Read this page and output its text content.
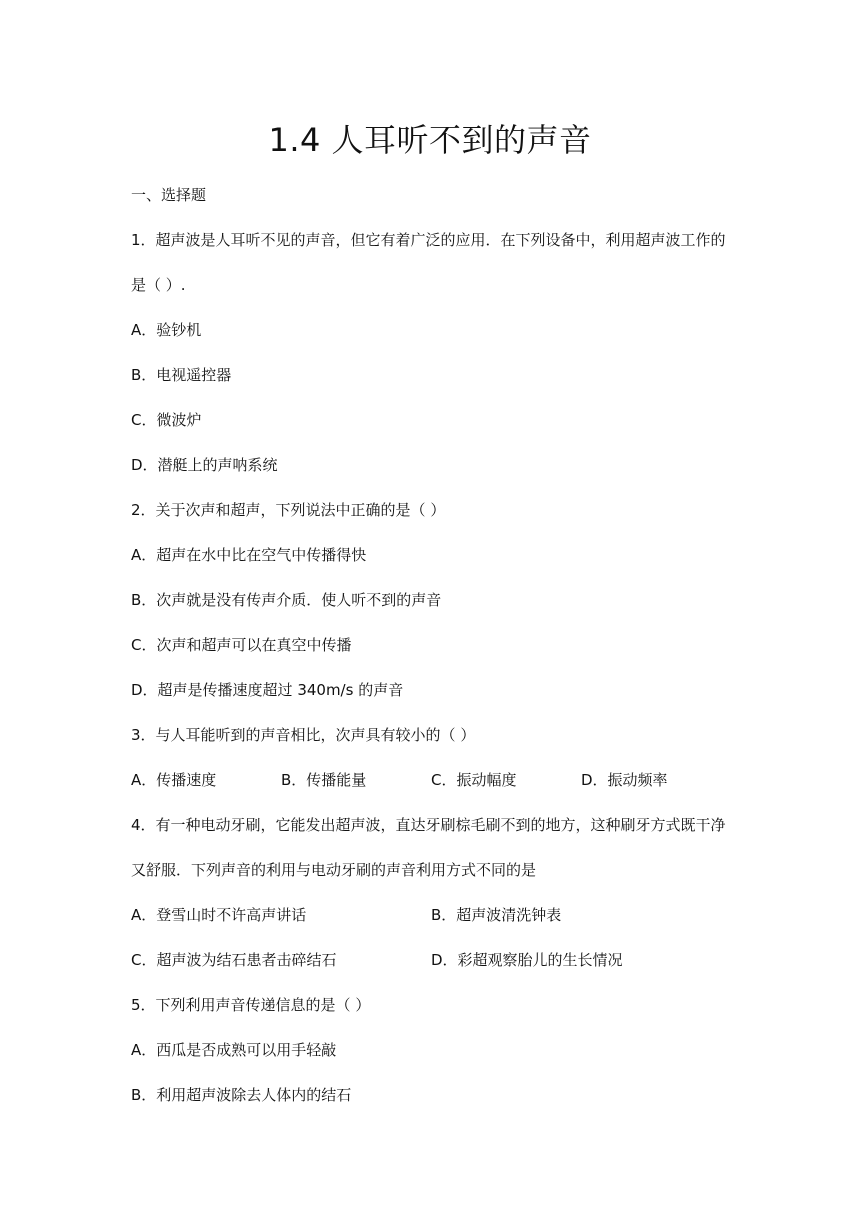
1.4 人耳听不到的声音
一、选择题
1．超声波是人耳听不见的声音，但它有着广泛的应用．在下列设备中，利用超声波工作的
是（ ）.
A．验钞机
B．电视遥控器
C．微波炉
D．潜艇上的声呐系统
2．关于次声和超声，下列说法中正确的是（ ）
A．超声在水中比在空气中传播得快
B．次声就是没有传声介质．使人听不到的声音
C．次声和超声可以在真空中传播
D．超声是传播速度超过 340m/s 的声音
3．与人耳能听到的声音相比，次声具有较小的（ ）
A．传播速度	B．传播能量	C．振动幅度	D．振动频率
4．有一种电动牙刷，它能发出超声波，直达牙刷棕毛刷不到的地方，这种刷牙方式既干净
又舒服．下列声音的利用与电动牙刷的声音利用方式不同的是
A．登雪山时不许高声讲话	B．超声波清洗钟表
C．超声波为结石患者击碎结石	D．彩超观察胎儿的生长情况
5．下列利用声音传递信息的是（ ）
A．西瓜是否成熟可以用手轻敲
B．利用超声波除去人体内的结石
